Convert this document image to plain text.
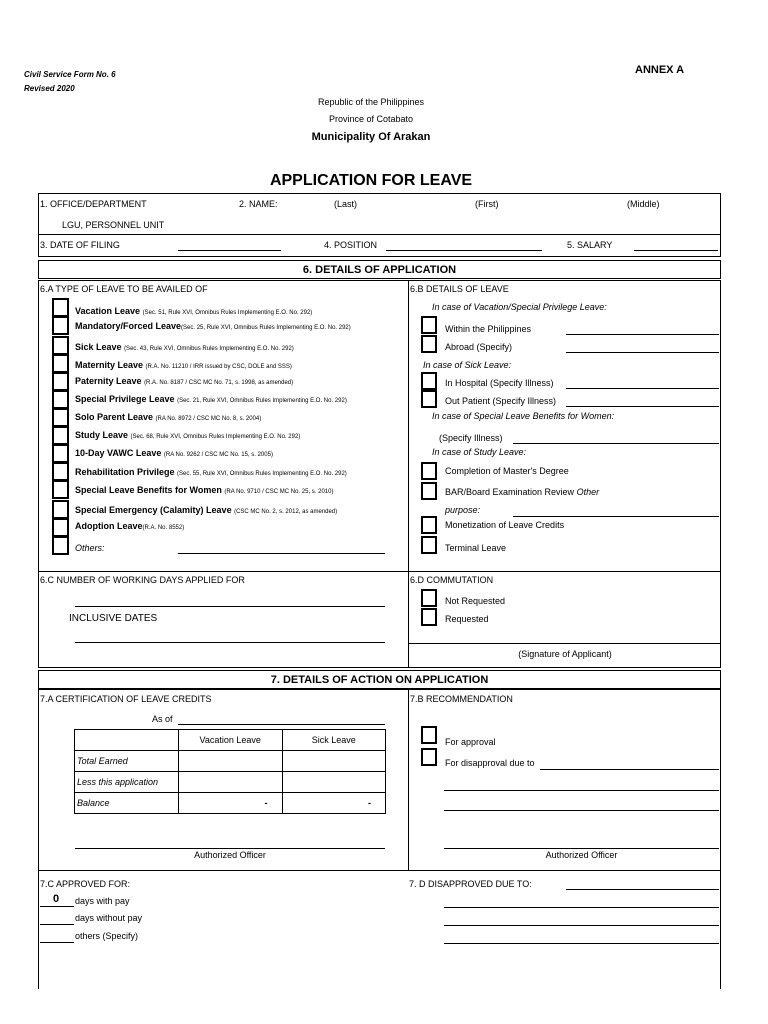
Civil Service Form No. 6
Revised 2020
ANNEX A
Republic of the Philippines
Province of Cotabato
Municipality Of Arakan
APPLICATION FOR LEAVE
1. OFFICE/DEPARTMENT
LGU, PERSONNEL UNIT
2. NAME:	(Last)	(First)	(Middle)
3. DATE OF FILING	4. POSITION	5. SALARY
6. DETAILS OF APPLICATION
6.A TYPE OF LEAVE TO BE AVAILED OF	6.B DETAILS OF LEAVE
Vacation Leave (Sec. 51, Rule XVI, Omnibus Rules Implementing E.O. No. 292)
Mandatory/Forced Leave(Sec. 25, Rule XVI, Omnibus Rules Implementing E.O. No. 292)
Sick Leave (Sec. 43, Rule XVI, Omnibus Rules Implementing E.O. No. 292)
Maternity Leave (R.A. No. 11210 / IRR issued by CSC, DOLE and SSS)
Paternity Leave (R.A. No. 8187 / CSC MC No. 71, s. 1998, as amended)
Special Privilege Leave (Sec. 21, Rule XVI, Omnibus Rules Implementing E.O. No. 292)
Solo Parent Leave (RA No. 8972 / CSC MC No. 8, s. 2004)
Study Leave (Sec. 68, Rule XVI, Omnibus Rules Implementing E.O. No. 292)
10-Day VAWC Leave (RA No. 9262 / CSC MC No. 15, s. 2005)
Rehabilitation Privilege (Sec. 55, Rule XVI, Omnibus Rules Implementing E.O. No. 292)
Special Leave Benefits for Women (RA No. 9710 / CSC MC No. 25, s. 2010)
Special Emergency (Calamity) Leave (CSC MC No. 2, s. 2012, as amended)
Adoption Leave(R.A. No. 8552)
Others:
In case of Vacation/Special Privilege Leave:
Within the Philippines
Abroad (Specify)
In case of Sick Leave:
In Hospital (Specify Illness)
Out Patient (Specify Illness)
In case of Special Leave Benefits for Women:
(Specify Illness)
In case of Study Leave:
Completion of Master's Degree
BAR/Board Examination Review Other
purpose:
Monetization of Leave Credits
Terminal Leave
6.C NUMBER OF WORKING DAYS APPLIED FOR
INCLUSIVE DATES
6.D COMMUTATION
Not Requested
Requested
(Signature of Applicant)
7. DETAILS OF ACTION ON APPLICATION
7.A CERTIFICATION OF LEAVE CREDITS
As of
	Vacation Leave	Sick Leave
Total Earned		
Less this application		
Balance	-	-
Authorized Officer
7.B RECOMMENDATION
For approval
For disapproval due to
Authorized Officer
7.C APPROVED FOR:
0 days with pay
days without pay
others (Specify)
7. D DISAPPROVED DUE TO:
